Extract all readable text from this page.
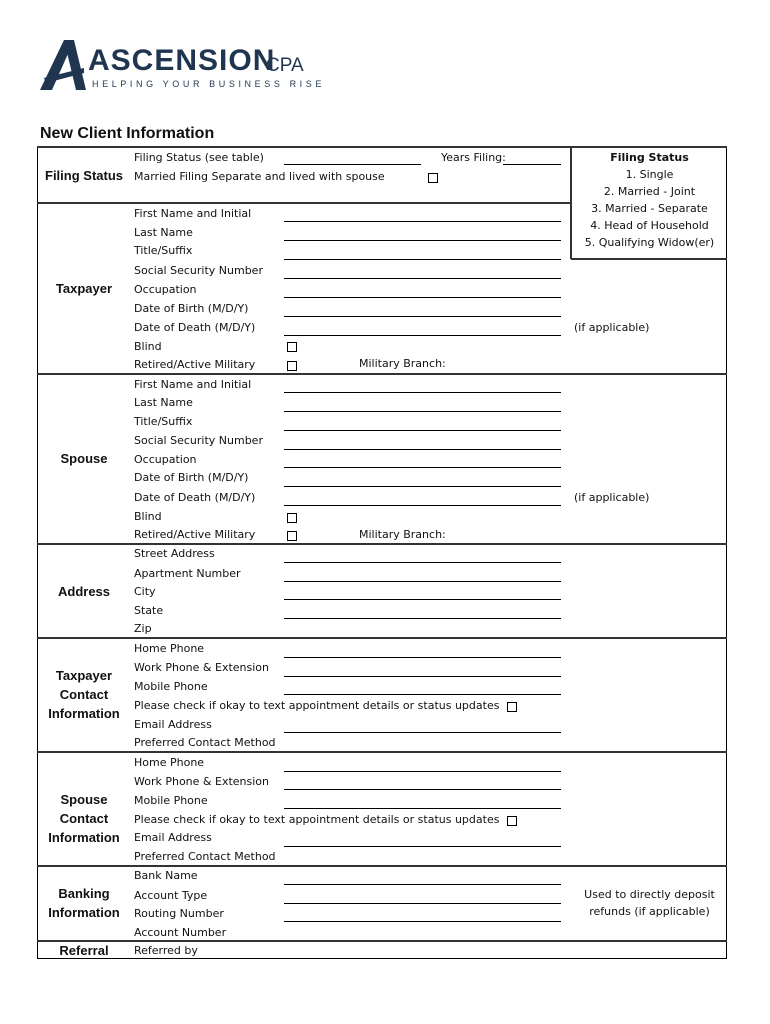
ASCENSION
CPA
HELPING YOUR BUSINESS RISE
New Client Information
Filing Status
Filing Status (see table)	Years Filing:
Married Filing Separate and lived with spouse
Filing Status
1. Single
2. Married - Joint
3. Married - Separate
4. Head of Household
5. Qualifying Widow(er)
Taxpayer
First Name and Initial
Last Name
Title/Suffix
Social Security Number
Occupation
Date of Birth (M/D/Y)
Date of Death (M/D/Y)	(if applicable)
Blind
Retired/Active Military	Military Branch:
Spouse
First Name and Initial
Last Name
Title/Suffix
Social Security Number
Occupation
Date of Birth (M/D/Y)
Date of Death (M/D/Y)	(if applicable)
Blind
Retired/Active Military	Military Branch:
Address
Street Address
Apartment Number
City
State
Zip
Taxpayer
Contact
Information
Home Phone
Work Phone & Extension
Mobile Phone
Please check if okay to text appointment details or status updates
Email Address
Preferred Contact Method
Spouse Contact
Information
Home Phone
Work Phone & Extension
Mobile Phone
Please check if okay to text appointment details or status updates
Email Address
Preferred Contact Method
Banking
Information
Bank Name
Account Type
Routing Number
Account Number
Used to directly deposit
refunds (if applicable)
Referral	Referred by
